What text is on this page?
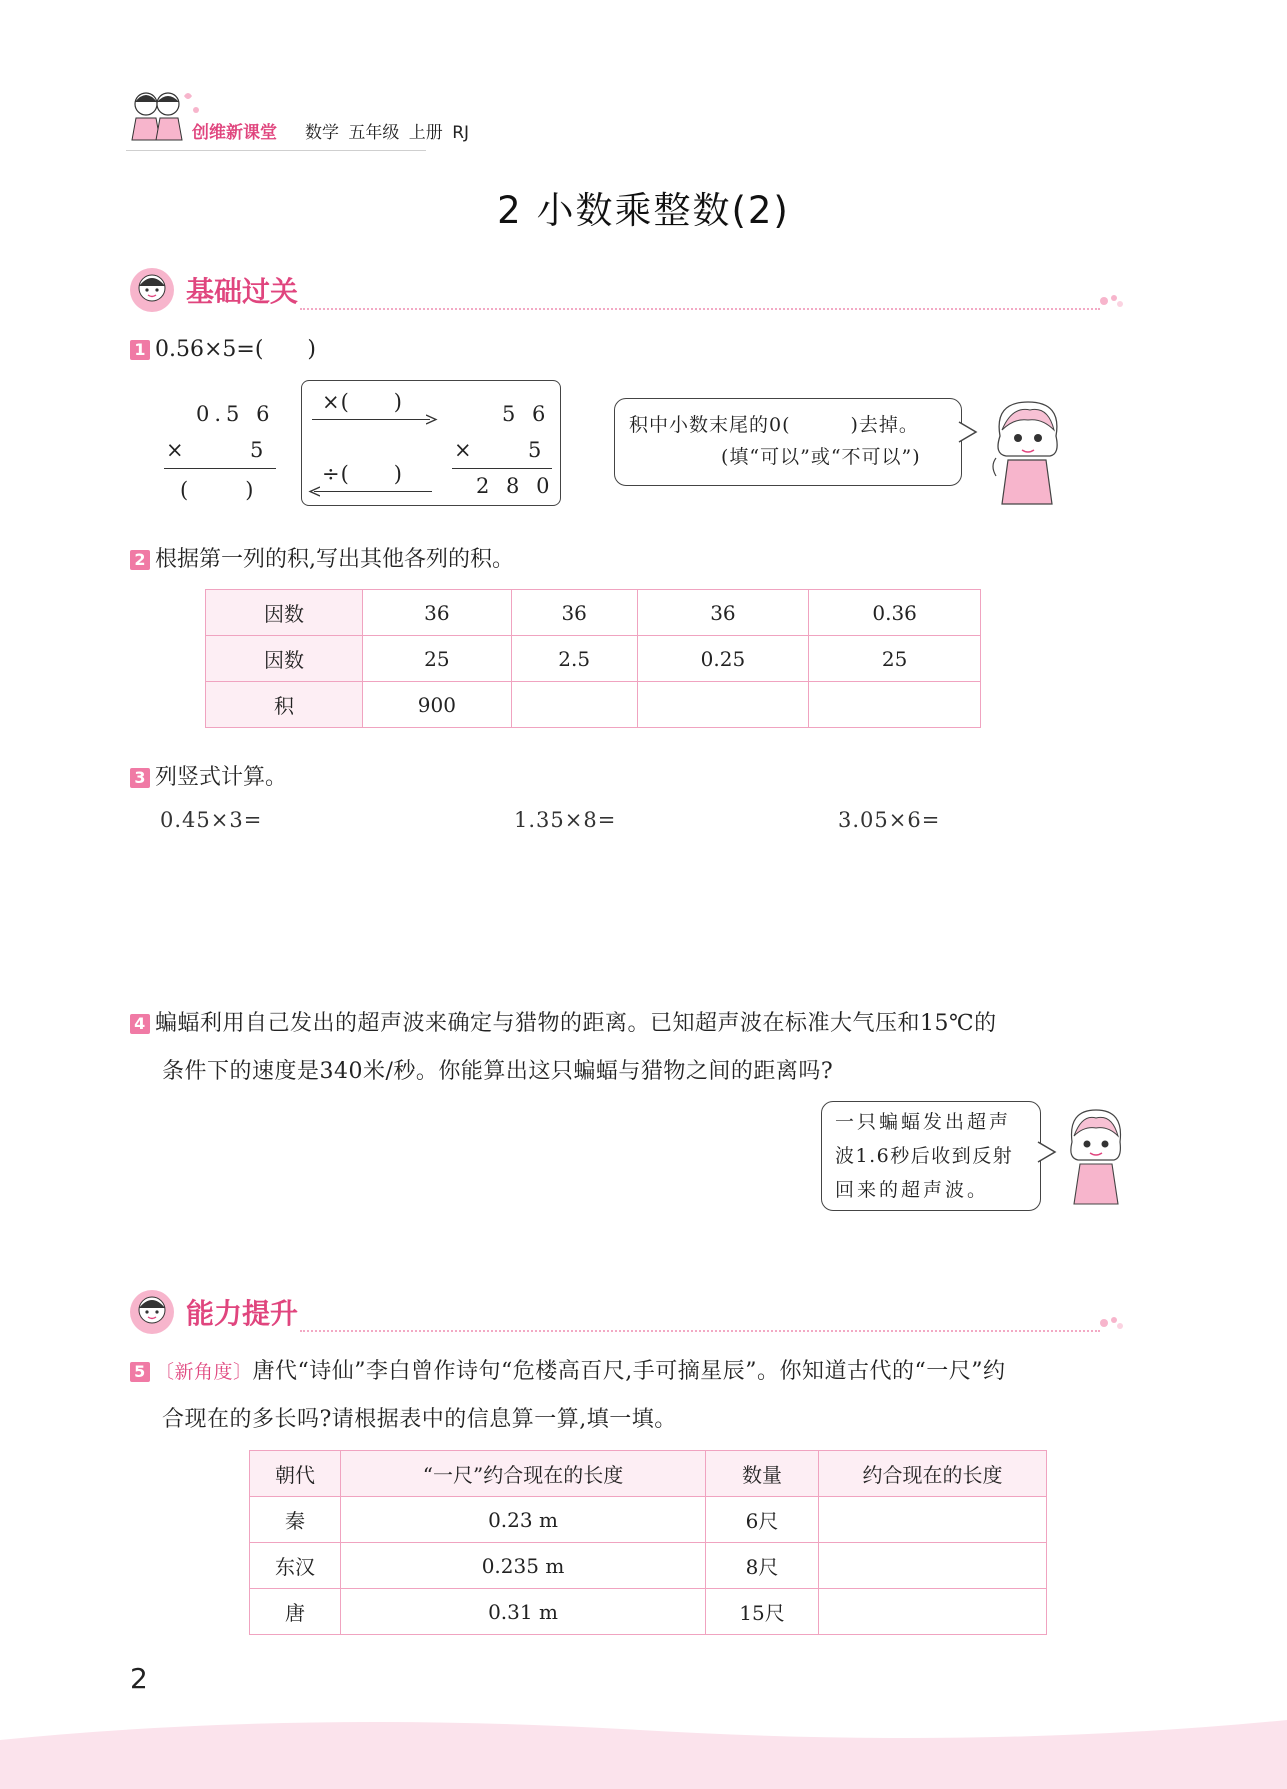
创维新课堂 数学 五年级 上册 RJ
2 小数乘整数(2)
基础过关
1 0.56×5=(　　)
0.5 6
×	5
(　　)
×(　　)
÷(　　)
5 6
× 5
2 8 0
积中小数末尾的0(　　　)去掉。
(填“可以”或“不可以”)
2 根据第一列的积,写出其他各列的积。
因数	36	36	36	0.36
因数	25	2.5	0.25	25
积	900			
3 列竖式计算。
0.45×3=	1.35×8=	3.05×6=
4 蝙蝠利用自己发出的超声波来确定与猎物的距离。已知超声波在标准大气压和15℃的
条件下的速度是340米/秒。你能算出这只蝙蝠与猎物之间的距离吗?
一只蝙蝠发出超声
波1.6秒后收到反射
回来的超声波。
能力提升
5 〔新角度〕唐代“诗仙”李白曾作诗句“危楼高百尺,手可摘星辰”。你知道古代的“一尺”约
合现在的多长吗?请根据表中的信息算一算,填一填。
朝代	“一尺”约合现在的长度	数量	约合现在的长度
秦	0.23 m	6尺	
东汉	0.235 m	8尺	
唐	0.31 m	15尺	
2
